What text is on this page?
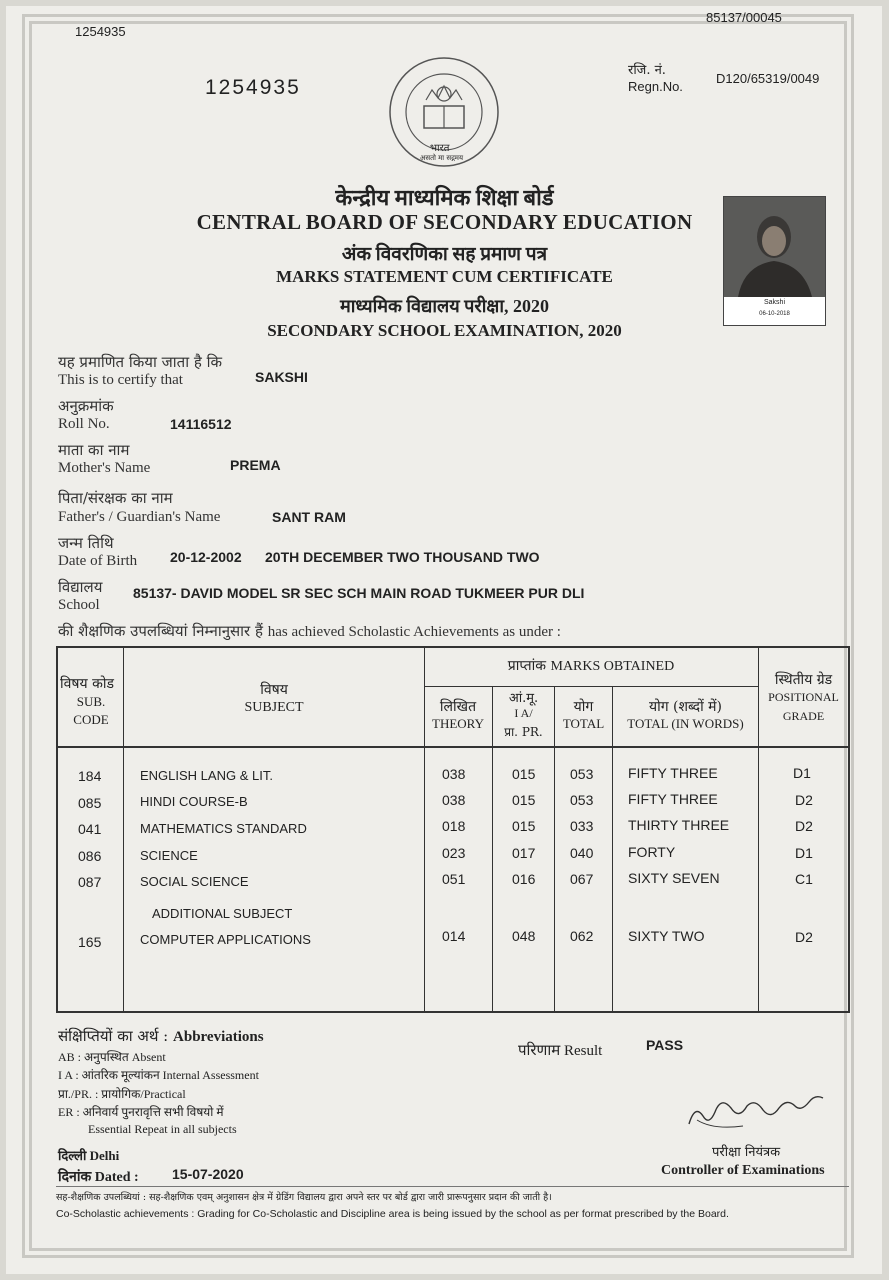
1254935
85137/00045
1254935
रजि. नं.
Regn.No.
D120/65319/0049
भारत
असतो मा सद्गमय
केन्द्रीय माध्यमिक शिक्षा बोर्ड
CENTRAL BOARD OF SECONDARY EDUCATION
अंक विवरणिका सह प्रमाण पत्र
MARKS STATEMENT CUM CERTIFICATE
माध्यमिक विद्यालय परीक्षा, 2020
SECONDARY SCHOOL EXAMINATION, 2020
Sakshi
06-10-2018
यह प्रमाणित किया जाता है कि
This is to certify that	SAKSHI
अनुक्रमांक
Roll No.	14116512
माता का नाम
Mother's Name	PREMA
पिता/संरक्षक का नाम
Father's / Guardian's Name	SANT RAM
जन्म तिथि
Date of Birth 20-12-2002 20TH DECEMBER TWO THOUSAND TWO
विद्यालय
School
85137- DAVID MODEL SR SEC SCH MAIN ROAD TUKMEER PUR DLI
की शैक्षणिक उपलब्धियां निम्नानुसार हैं has achieved Scholastic Achievements as under :
विषय कोड
SUB.
CODE
विषय
SUBJECT
प्राप्तांक MARKS OBTAINED
लिखित
THEORY
आं.मू.
I A/
प्रा. PR.
योग
TOTAL
योग (शब्दों में)
TOTAL (IN WORDS)
स्थितीय ग्रेड
POSITIONAL
GRADE
184	ENGLISH LANG & LIT.	038	015 053 FIFTY THREE	D1
085	HINDI COURSE-B	038	015 053 FIFTY THREE	D2
041	MATHEMATICS STANDARD	018	015 033 THIRTY THREE	D2
086	SCIENCE	023	017 040 FORTY	D1
087	SOCIAL SCIENCE	051	016 067 SIXTY SEVEN	C1
ADDITIONAL SUBJECT
165	COMPUTER APPLICATIONS	014	048 062 SIXTY TWO	D2
संक्षिप्तियों का अर्थ : Abbreviations
AB : अनुपस्थित Absent
I A : आंतरिक मूल्यांकन Internal Assessment
प्रा./PR. : प्रायोगिक/Practical
ER : अनिवार्य पुनरावृत्ति सभी विषयो में
Essential Repeat in all subjects
परिणाम Result	PASS
दिल्ली Delhi
दिनांक Dated : 15-07-2020
परीक्षा नियंत्रक
Controller of Examinations
सह-शैक्षणिक उपलब्धियां : सह-शैक्षणिक एवम् अनुशासन क्षेत्र में ग्रेडिंग विद्यालय द्वारा अपने स्तर पर बोर्ड द्वारा जारी प्रारूपनुसार प्रदान की जाती है।
Co-Scholastic achievements : Grading for Co-Scholastic and Discipline area is being issued by the school as per format prescribed by the Board.
